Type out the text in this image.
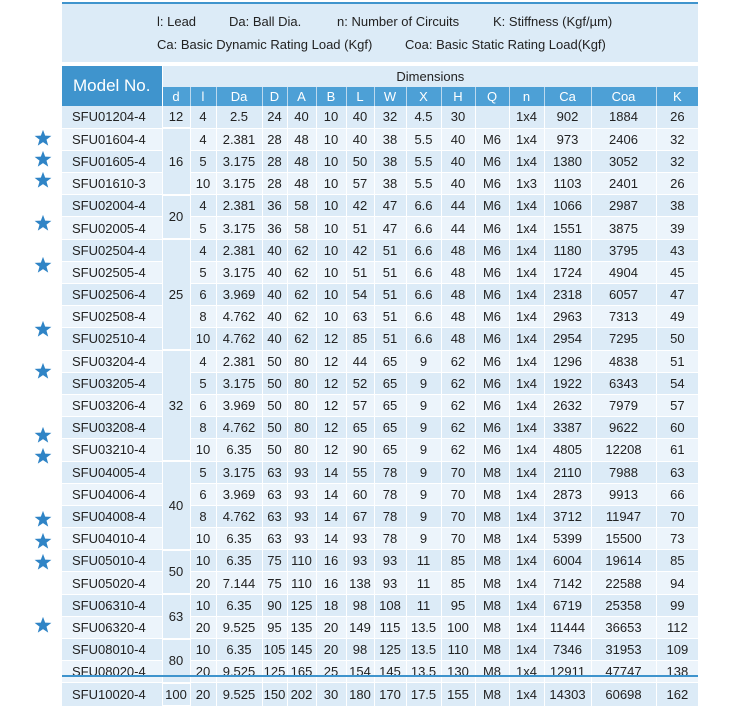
l: Lead	Da: Ball Dia.	n: Number of Circuits	K: Stiffness (Kgf/µm)
Ca: Basic Dynamic Rating Load (Kgf)	Coa: Basic Static Rating Load(Kgf)
Model No.	Dimensions														
	d	l	Da	D	A	B	L	W	X	H	Q	n	Ca	Coa	K
SFU01204-4	12	4	2.5	24	40	10	40	32	4.5	30		1x4	902	1884	26
SFU01604-4	16	4	2.381	28	48	10	40	38	5.5	40	M6	1x4	973	2406	32
SFU01605-4		5	3.175	28	48	10	50	38	5.5	40	M6	1x4	1380	3052	32
SFU01610-3		10	3.175	28	48	10	57	38	5.5	40	M6	1x3	1103	2401	26
SFU02004-4	20	4	2.381	36	58	10	42	47	6.6	44	M6	1x4	1066	2987	38
SFU02005-4		5	3.175	36	58	10	51	47	6.6	44	M6	1x4	1551	3875	39
SFU02504-4	25	4	2.381	40	62	10	42	51	6.6	48	M6	1x4	1180	3795	43
SFU02505-4		5	3.175	40	62	10	51	51	6.6	48	M6	1x4	1724	4904	45
SFU02506-4		6	3.969	40	62	10	54	51	6.6	48	M6	1x4	2318	6057	47
SFU02508-4		8	4.762	40	62	10	63	51	6.6	48	M6	1x4	2963	7313	49
SFU02510-4		10	4.762	40	62	12	85	51	6.6	48	M6	1x4	2954	7295	50
SFU03204-4	32	4	2.381	50	80	12	44	65	9	62	M6	1x4	1296	4838	51
SFU03205-4		5	3.175	50	80	12	52	65	9	62	M6	1x4	1922	6343	54
SFU03206-4		6	3.969	50	80	12	57	65	9	62	M6	1x4	2632	7979	57
SFU03208-4		8	4.762	50	80	12	65	65	9	62	M6	1x4	3387	9622	60
SFU03210-4		10	6.35	50	80	12	90	65	9	62	M6	1x4	4805	12208	61
SFU04005-4	40	5	3.175	63	93	14	55	78	9	70	M8	1x4	2110	7988	63
SFU04006-4		6	3.969	63	93	14	60	78	9	70	M8	1x4	2873	9913	66
SFU04008-4		8	4.762	63	93	14	67	78	9	70	M8	1x4	3712	11947	70
SFU04010-4		10	6.35	63	93	14	93	78	9	70	M8	1x4	5399	15500	73
SFU05010-4	50	10	6.35	75	110	16	93	93	11	85	M8	1x4	6004	19614	85
SFU05020-4		20	7.144	75	110	16	138	93	11	85	M8	1x4	7142	22588	94
SFU06310-4	63	10	6.35	90	125	18	98	108	11	95	M8	1x4	6719	25358	99
SFU06320-4		20	9.525	95	135	20	149	115	13.5	100	M8	1x4	11444	36653	112
SFU08010-4	80	10	6.35	105	145	20	98	125	13.5	110	M8	1x4	7346	31953	109
SFU08020-4		20	9.525	125	165	25	154	145	13.5	130	M8	1x4	12911	47747	138
SFU10020-4	100	20	9.525	150	202	30	180	170	17.5	155	M8	1x4	14303	60698	162
